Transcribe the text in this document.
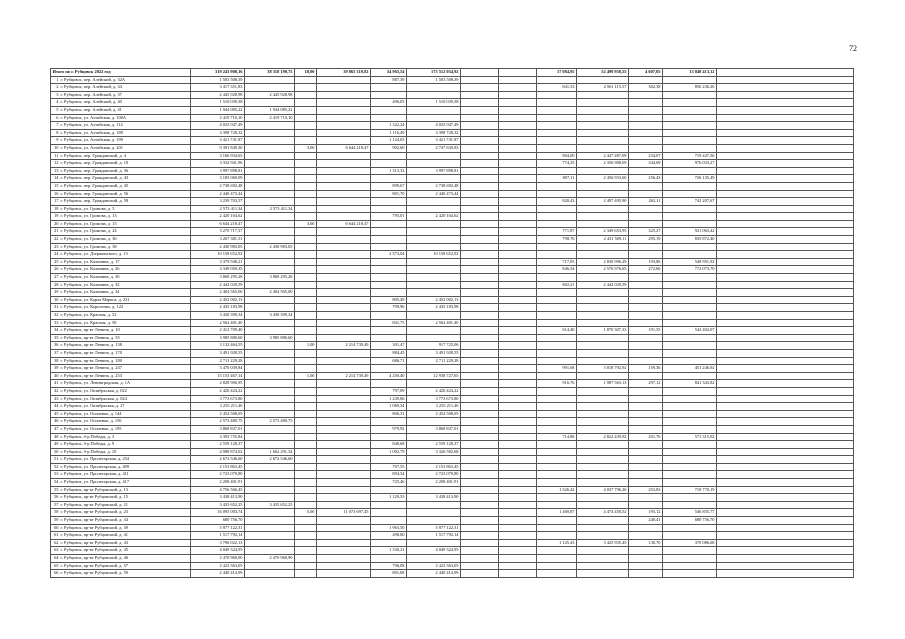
72
Итого по г. Рубцовск 2022 год	319 243 908,16	38 318 190,75	18,00	39 865 310,82	54 965,54	175 512 034,92			17 084,95	52 499 958,55	4 607,05	13 048 413,12	
1 г. Рубцовск, пер. Алейский, д. 32А	1 503 508,39				887,39	1 503 508,39							
2 г. Рубцовск, пер. Алейский, д. 34	3 417 351,83								841,33	2 561 115,57	302,38	856 236,26	
3 г. Рубцовск, пер. Алейский, д. 37	2 445 928,98	2 445 928,98											
4 г. Рубцовск, пер. Алейский, д. 40	1 510 039,38				496,05	1 510 039,38							
5 г. Рубцовск, пер. Алейский, д. 41	1 944 085,22	1 944 085,22											
6 г. Рубцовск, ул. Алтайская, д. 100А	2 419 710,10	2 419 710,10											
7 г. Рубцовск, ул. Алтайская, д. 114	4 025 047,49				1 322,24	4 025 047,49							
8 г. Рубцовск, ул. Алтайская, д. 189	3 398 728,32				1 116,49	3 398 728,32							
9 г. Рубцовск, ул. Алтайская, д. 199	3 421 741,87				1 124,05	3 421 741,87							
10 г. Рубцовск, ул. Алтайская, д. 201	9 391 849,30		3,00	6 644 218,47	902,60	2 747 630,83							
11 г. Рубцовск, пер. Гражданский, д. 4	3 166 934,65								804,00	2 447 487,09	234,07	719 447,56	
12 г. Рубцовск, пер. Гражданский, д. 10	3 332 941,96								774,25	2 356 908,69	344,69	976 033,27	
13 г. Рубцовск, пер. Гражданский, д. 36	3 997 898,81				1 313,32	3 997 898,81							
14 г. Рубцовск, пер. Гражданский, д. 43	3 183 069,09								807,11	2 456 933,60	256,43	726 135,49	
15 г. Рубцовск, пер. Гражданский, д. 45	2 738 692,48				899,67	2 738 692,48							
16 г. Рубцовск, пер. Гражданский, д. 56	2 440 473,44				801,70	2 440 473,44							
17 г. Рубцовск, пер. Гражданский, д. 58	3 239 703,57								820,43	2 497 495,90	262,11	742 207,67	
18 г. Рубцовск, ул. Громова, д. 5	2 573 411,34	2 573 411,34											
19 г. Рубцовск, ул. Громова, д. 13	2 420 104,62				795,01	2 420 104,62							
20 г. Рубцовск, ул. Громова, д. 15	6 644 218,47		3,00	6 644 218,47									
21 г. Рубцовск, ул. Громова, д. 24	3 270 717,37								771,87	2 349 653,95	325,27	921 063,42	
22 г. Рубцовск, ул. Громова, д. 36	3 267 381,51								798,76	2 431 509,11	295,19	835 872,40	
23 г. Рубцовск, ул. Громова, д. 38	2 430 983,05	2 430 983,05											
24 г. Рубцовск, ул. Дзержинского, д. 13	10 158 652,92				2 573,04	10 158 652,92							
25 г. Рубцовск, ул. Калинина, д. 17	3 379 948,21								717,05	2 830 996,29	193,86	548 951,92	
26 г. Рубцовск, ул. Калинина, д. 26	3 349 050,35								846,54	2 576 976,65	272,66	772 073,70	
27 г. Рубцовск, ул. Калинина, д. 30	3 868 295,28	3 868 295,28											
28 г. Рубцовск, ул. Калинина, д. 32	2 442 029,59								802,21	2 442 029,59			
29 г. Рубцовск, ул. Калинина, д. 34	2 404 565,00	2 404 565,00											
30 г. Рубцовск, ул. Карла Маркса, д. 231	2 452 002,13				805,49	2 452 002,13							
31 г. Рубцовск, ул. Короленко, д. 122	2 435 183,98				799,96	2 435 183,98							
32 г. Рубцовск, ул. Красная, д. 52	3 430 399,34	3 430 399,34											
33 г. Рубцовск, ул. Красная, д. 58	2 562 401,40				841,75	2 562 401,40							
34 г. Рубцовск, пр-кт Ленина, д. 10	2 412 709,40								614,40	1 870 307,33	191,55	542 402,07	
35 г. Рубцовск, пр-кт Ленина, д. 55	3 985 880,60	3 985 880,60											
36 г. Рубцовск, пр-кт Ленина, д. 138	3 132 464,55		1,00	2 214 739,49	301,47	917 725,06							
37 г. Рубцовск, пр-кт Ленина, д. 170	3 491 928,55				884,45	3 491 928,55							
38 г. Рубцовск, пр-кт Ленина, д. 180	2 711 229,28				686,71	2 711 229,28							
39 г. Рубцовск, пр-кт Ленина, д. 247	3 470 039,84								991,68	3 018 792,92	159,36	451 246,92	
40 г. Рубцовск, пр-кт Ленина, д. 253	15 153 467,14		1,00	2 214 739,49	4 250,40	12 938 727,65							
41 г. Рубцовск, ул. Ленинградская, д. 1А	2 828 906,95								916,76	1 987 563,13	297,12	841 343,82	
42 г. Рубцовск, ул. Октябрьская, д. 022	2 426 424,22				797,09	2 426 424,22							
43 г. Рубцовск, ул. Октябрьская, д. 024	3 773 673,80				1 239,66	3 773 673,80							
44 г. Рубцовск, ул. Октябрьская, д. 27	3 255 211,46				1 069,34	3 255 211,46							
45 г. Рубцовск, ул. Осипенко, д. 144	2 454 508,05				806,31	2 454 508,05							
46 г. Рубцовск, ул. Осипенко, д. 156	2 573 480,75	2 573 480,75											
47 г. Рубцовск, ул. Осипенко, д. 195	3 868 837,01				979,92	3 868 837,01							
48 г. Рубцовск, б-р Победы, д. 3	3 393 755,84								714,88	2 822 439,92	201,76	571 315,92	
49 г. Рубцовск, б-р Победы, д. 9	2 559 128,37				840,68	2 559 128,37							
50 г. Рубцовск, б-р Победы, д. 10	4 988 874,02	1 662 291,34			1 092,79	3 326 582,68							
51 г. Рубцовск, ул. Пролетарская, д. 254	2 672 546,60	2 672 546,60											
52 г. Рубцовск, ул. Пролетарская, д. 409	2 153 863,45				707,55	2 153 863,45							
53 г. Рубцовск, ул. Пролетарская, д. 411	2 723 079,80				894,54	2 723 079,80							
54 г. Рубцовск, ул. Пролетарская, д. 417	2 208 401,91				725,46	2 208 401,91							
55 г. Рубцовск, пр-кт Рубцовский, д. 13	4 756 566,45								1 326,42	4 037 796,26	253,83	718 770,19	
56 г. Рубцовск, пр-кт Рубцовский, д. 15	3 438 413,90				1 129,53	3 438 413,90							
57 г. Рубцовск, пр-кт Рубцовский, д. 21	3 435 652,25	3 435 652,25											
58 г. Рубцовск, пр-кт Рубцовский, д. 23	16 095 003,74		5,00	11 073 697,45					1 469,87	4 474 450,52	195,12	546 855,77	
59 г. Рубцовск, пр-кт Рубцовский, д. 34	680 756,70										240,41	680 756,70	
60 г. Рубцовск, пр-кт Рубцовский, д. 39	5 977 122,31				1 963,50	5 977 122,31							
61 г. Рубцовск, пр-кт Рубцовский, д. 41	1 517 792,14				498,60	1 517 792,14							
62 г. Рубцовск, пр-кт Рубцовский, д. 43	3 796 022,13								1 125,43	3 425 935,45	130,70	370 086,68	
63 г. Рубцовск, пр-кт Рубцовский, д. 45	4 049 324,95				1 330,21	4 049 324,95							
64 г. Рубцовск, пр-кт Рубцовский, д. 46	2 470 960,90	2 470 960,90											
65 г. Рубцовск, пр-кт Рубцовский, д. 57	2 423 363,05				796,08	2 423 363,05							
66 г. Рубцовск, пр-кт Рубцовский, д. 59	2 440 414,99				801,68	2 440 414,99							
